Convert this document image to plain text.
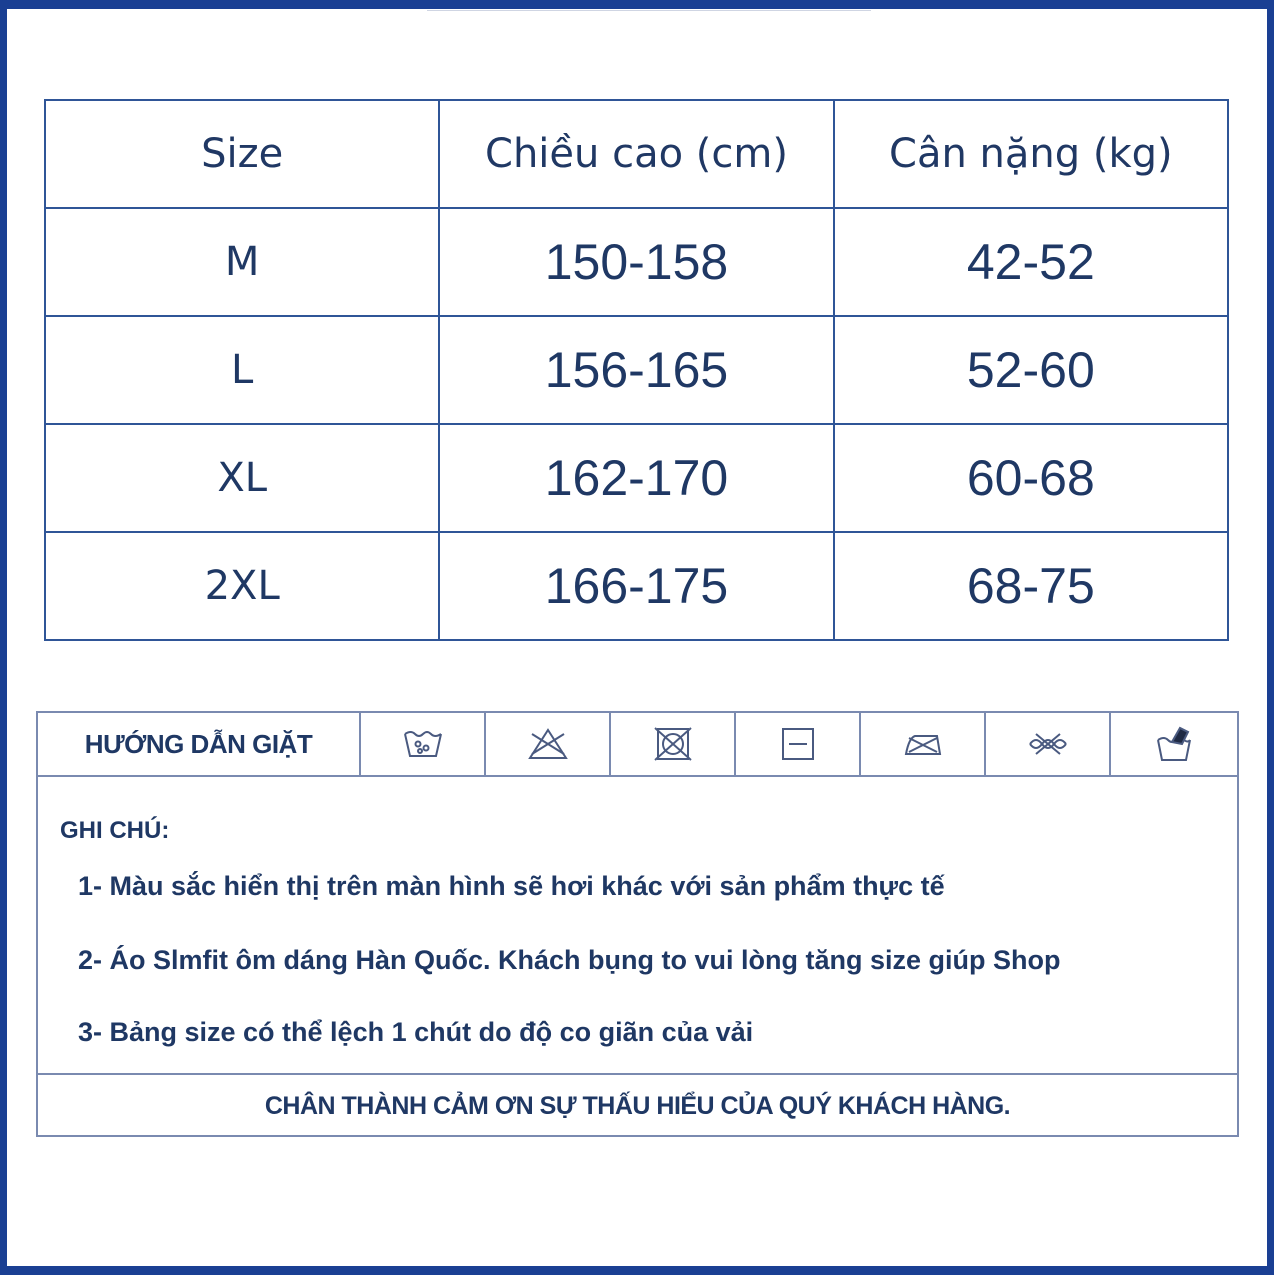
Size	Chiều cao (cm)	Cân nặng (kg)
M	150-158	42-52
L	156-165	52-60
XL	162-170	60-68
2XL	166-175	68-75
HƯỚNG DẪN GIẶT
GHI CHÚ:
1- Màu sắc hiển thị trên màn hình sẽ hơi khác với sản phẩm thực tế
2- Áo Slmfit ôm dáng Hàn Quốc. Khách bụng to vui lòng tăng size giúp Shop
3- Bảng size có thể lệch 1 chút do độ co giãn của vải
CHÂN THÀNH CẢM ƠN SỰ THẤU HIỂU CỦA QUÝ KHÁCH HÀNG.
